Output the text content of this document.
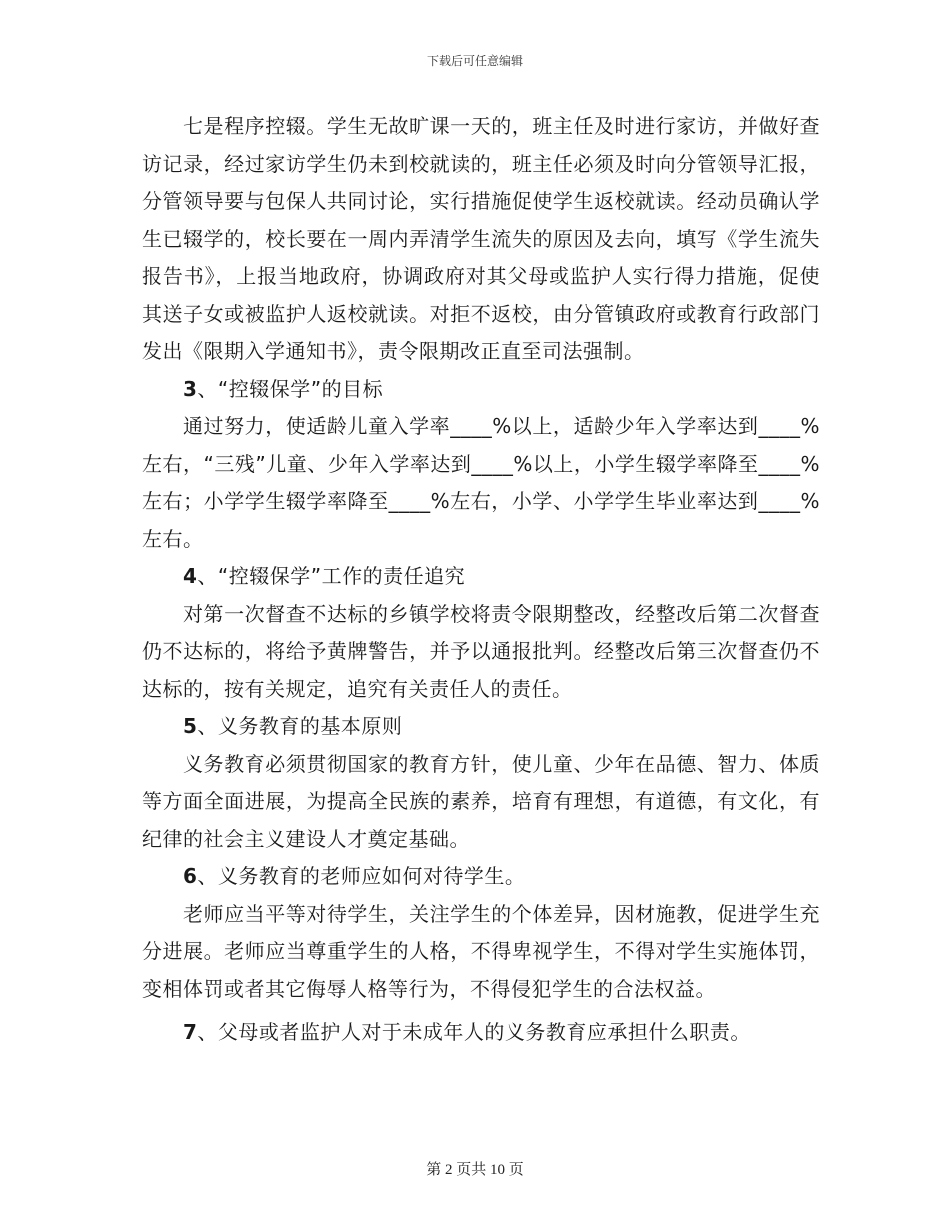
下载后可任意编辑

七是程序控辍。学生无故旷课一天的，班主任及时进行家访，并做好查访记录，经过家访学生仍未到校就读的，班主任必须及时向分管领导汇报，分管领导要与包保人共同讨论，实行措施促使学生返校就读。经动员确认学生已辍学的，校长要在一周内弄清学生流失的原因及去向，填写《学生流失报告书》，上报当地政府，协调政府对其父母或监护人实行得力措施，促使其送子女或被监护人返校就读。对拒不返校，由分管镇政府或教育行政部门发出《限期入学通知书》，责令限期改正直至司法强制。

3、“控辍保学”的目标

通过努力，使适龄儿童入学率____%以上，适龄少年入学率达到____%左右，“三残”儿童、少年入学率达到____%以上，小学生辍学率降至____%左右；小学学生辍学率降至____%左右，小学、小学学生毕业率达到____%左右。

4、“控辍保学”工作的责任追究

对第一次督查不达标的乡镇学校将责令限期整改，经整改后第二次督查仍不达标的，将给予黄牌警告，并予以通报批判。经整改后第三次督查仍不达标的，按有关规定，追究有关责任人的责任。

5、义务教育的基本原则

义务教育必须贯彻国家的教育方针，使儿童、少年在品德、智力、体质等方面全面进展，为提高全民族的素养，培育有理想，有道德，有文化，有纪律的社会主义建设人才奠定基础。

6、义务教育的老师应如何对待学生。

老师应当平等对待学生，关注学生的个体差异，因材施教，促进学生充分进展。老师应当尊重学生的人格，不得卑视学生，不得对学生实施体罚，变相体罚或者其它侮辱人格等行为，不得侵犯学生的合法权益。

7、父母或者监护人对于未成年人的义务教育应承担什么职责。

第 2 页共 10 页
